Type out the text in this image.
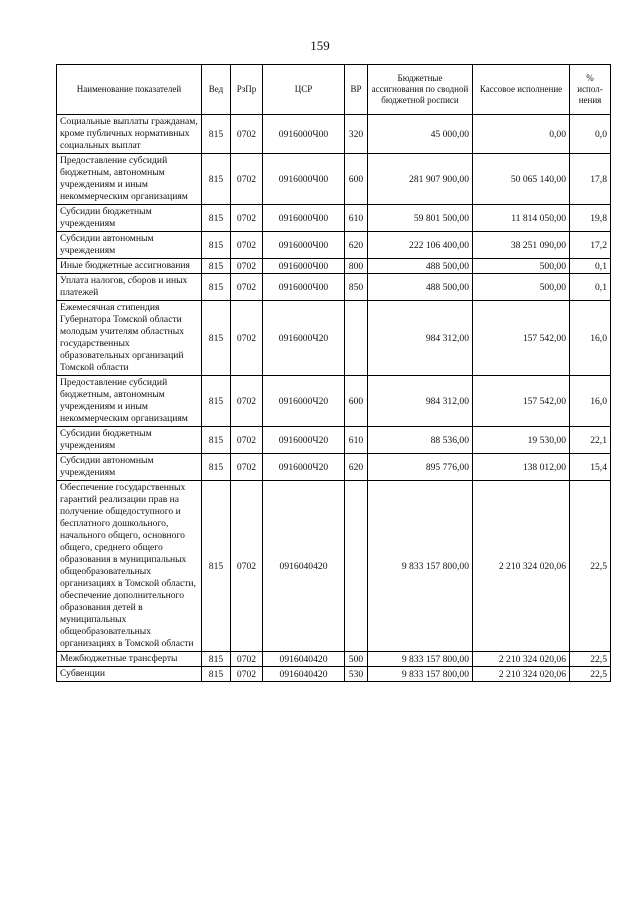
159
Наименование показателей	Вед	РзПр	ЦСР	ВР	Бюджетные ассигнования по сводной бюджетной росписи	Кассовое исполнение	% испол-нения
Социальные выплаты гражданам, кроме публичных нормативных социальных выплат	815	0702	0916000Ч00	320	45 000,00	0,00	0,0
Предоставление субсидий бюджетным, автономным учреждениям и иным некоммерческим организациям	815	0702	0916000Ч00	600	281 907 900,00	50 065 140,00	17,8
Субсидии бюджетным учреждениям	815	0702	0916000Ч00	610	59 801 500,00	11 814 050,00	19,8
Субсидии автономным учреждениям	815	0702	0916000Ч00	620	222 106 400,00	38 251 090,00	17,2
Иные бюджетные ассигнования	815	0702	0916000Ч00	800	488 500,00	500,00	0,1
Уплата налогов, сборов и иных платежей	815	0702	0916000Ч00	850	488 500,00	500,00	0,1
Ежемесячная стипендия Губернатора Томской области молодым учителям областных государственных образовательных организаций Томской области	815	0702	0916000Ч20		984 312,00	157 542,00	16,0
Предоставление субсидий бюджетным, автономным учреждениям и иным некоммерческим организациям	815	0702	0916000Ч20	600	984 312,00	157 542,00	16,0
Субсидии бюджетным учреждениям	815	0702	0916000Ч20	610	88 536,00	19 530,00	22,1
Субсидии автономным учреждениям	815	0702	0916000Ч20	620	895 776,00	138 012,00	15,4
Обеспечение государственных гарантий реализации прав на получение общедоступного и бесплатного дошкольного, начального общего, основного общего, среднего общего образования в муниципальных общеобразовательных организациях в Томской области, обеспечение дополнительного образования детей в муниципальных общеобразовательных организациях в Томской области	815	0702	0916040420		9 833 157 800,00	2 210 324 020,06	22,5
Межбюджетные трансферты	815	0702	0916040420	500	9 833 157 800,00	2 210 324 020,06	22,5
Субвенции	815	0702	0916040420	530	9 833 157 800,00	2 210 324 020,06	22,5
